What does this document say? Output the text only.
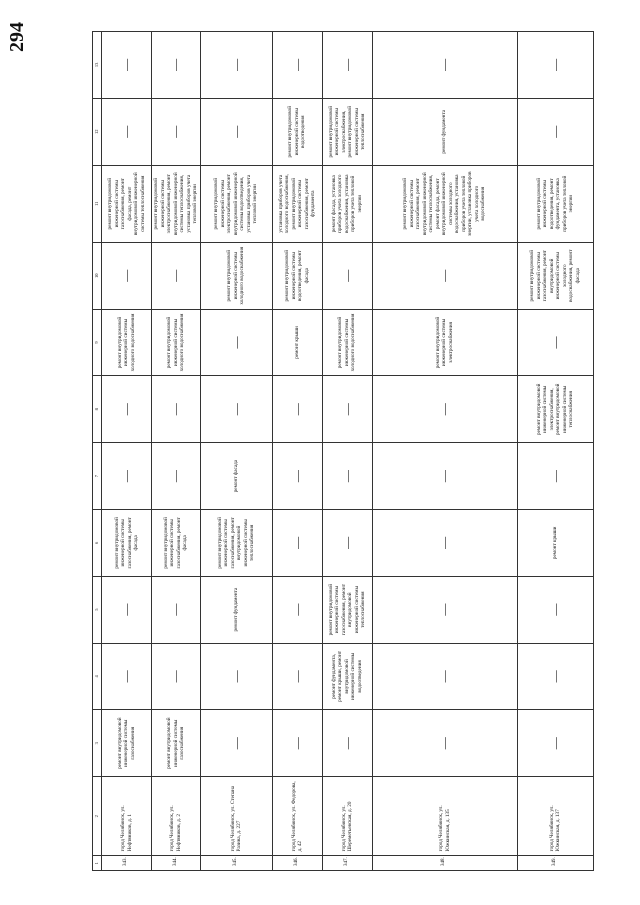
294
1	2	3	4	5	6	7	8	9	10	11	12	13
343.	город Челябинск, ул. Нефтяников, д. 1	ремонт внутридомовой инженерной системы газоснабжения	—	—	ремонт внутридомовой инженерной системы газоснабжения, ремонт фасада	—	—	ремонт внутридомовой инженерной системы холодного водоснабжения	—	ремонт внутридомовой инженерной системы газоснабжения, ремонт фасада, ремонт внутридомовой инженерной системы теплоснабжения	—	—
344.	город Челябинск, ул. Нефтяников, д. 2	ремонт внутридомовой инженерной системы газоснабжения	—	—	ремонт внутридомовой инженерной системы газоснабжения, ремонт фасада	—	—	ремонт внутридомовой инженерной системы холодного водоснабжения	—	ремонт внутридомовой инженерной системы электроснабжения, ремонт внутридомовой инженерной системы теплоснабжения, установка приборов учета тепловой энергии	—	—
345.	город Челябинск, ул. Степана Разина, д. 227	—	—	ремонт фундамента	ремонт внутридомовой инженерной системы газоснабжения, ремонт внутридомовой инженерной системы теплоснабжения	ремонт фасада	—	—	ремонт внутридомовой инженерной системы холодного водоснабжения	ремонт внутридомовой инженерной системы электроснабжения, ремонт внутридомовой инженерной системы водоотведения, установка приборов учета тепловой энергии	—	—
346.	город Челябинск, ул. Федорова, д. 42	—	—	—	—	—	—	ремонт крыши	ремонт внутридомовой инженерной системы водоотведения, ремонт фасада	установка приборов учета холодного водоснабжения, ремонт внутридомовой инженерной системы газоснабжения, ремонт фундамента	ремонт внутридомовой инженерной системы водоотведения	—
347.	город Челябинск, ул. Шереметьевская, д. 20	—	ремонт фундамента, ремонт крыши, ремонт внутридомовой инженерной системы водоотведения	ремонт внутридомовой инженерной системы газоснабжения, ремонт внутридомовой инженерной системы теплоснабжения	—	—	—	ремонт внутридомовой инженерной системы холодного водоснабжения	—	ремонт фасада, установка приборов учета холодного водоснабжения, установка приборов учета тепловой энергии	ремонт внутридомовой инженерной системы электроснабжения, ремонт внутридомовой инженерной системы теплоснабжения	—
348.	город Челябинск, ул. Южкинская, д. 135	—	—	—	—	—	—	ремонт внутридомовой инженерной системы электроснабжения	—	ремонт внутридомовой инженерной системы газоснабжения, ремонт внутридомовой инженерной системы теплоснабжения, ремонт фасада, ремонт внутридомовой инженерной системы холодного водоснабжения, установка приборов учета тепловой энергии, установка приборов учета холодного водоснабжения	ремонт фундамента	—
349.	город Челябинск, ул. Южкинская, д. 137	—	—	—	ремонт крыши	—	ремонт внутридомовой инженерной системы электроснабжения, ремонт внутридомовой инженерной системы теплоснабжения	—	ремонт внутридомовой инженерной системы газоснабжения, ремонт внутридомовой инженерной системы холодного водоснабжения, ремонт фасада	ремонт внутридомовой инженерной системы водоотведения, ремонт фундамента, установка приборов учета тепловой энергии	—	—
